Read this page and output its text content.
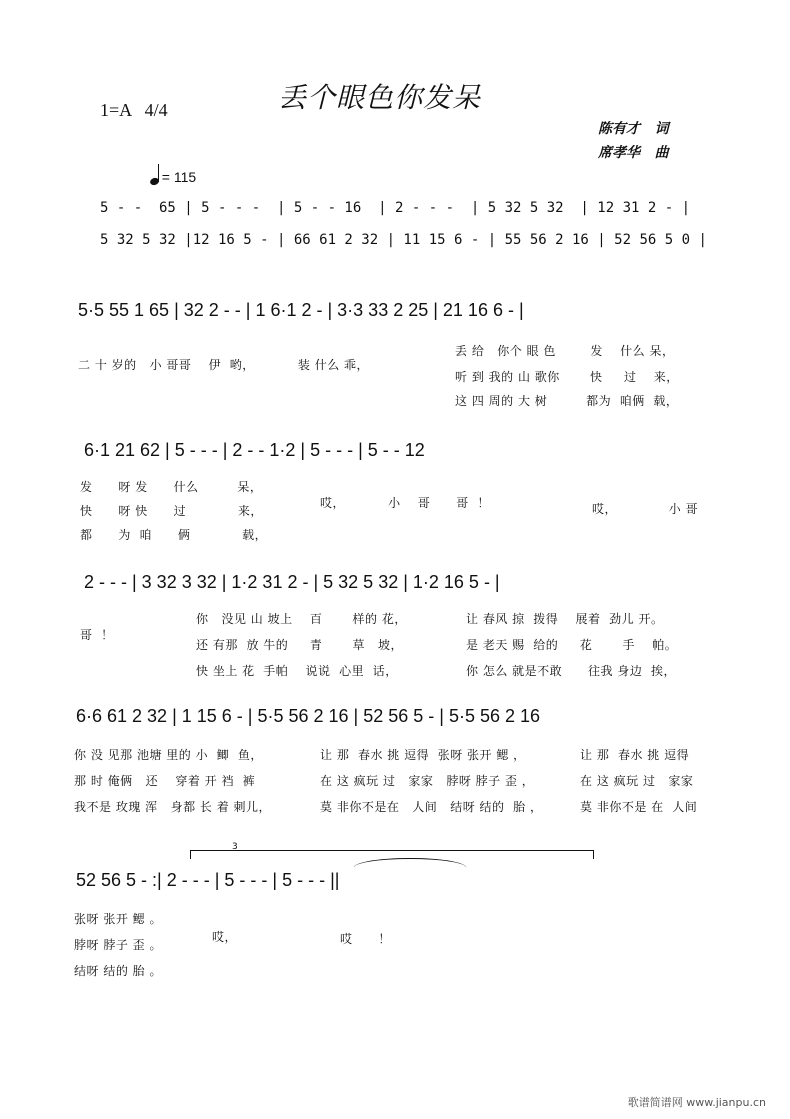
丢个眼色你发呆
1=A   4/4
陈有才   词
席孝华   曲

= 115

5 - -  65 | 5 - - -  | 5 - - 16  | 2 - - -  | 5 32 5 32  | 12 31 2 - |
5 32 5 32 |12 16 5 - | 66 61 2 32 | 11 15 6 - | 55 56 2 16 | 52 56 5 0 |
5·5 55 1 65 | 32 2 - - | 1 6·1 2 - | 3·3 33 2 25 | 21 16 6 - |
二 十 岁的   小 哥哥    伊  哟，          装 什么 乖，
丢 给   你个 眼 色        发    什么 呆，
听 到 我的 山 歌你       快     过    来，
这 四 周的 大 树         都为  咱俩  载，
6·1 21 62 | 5 - - - | 2 - - 1·2 | 5 - - - | 5 - - 12
发      呀 发      什么         呆，
快      呀 快      过            来，
都      为  咱      俩            载，
哎，          小    哥      哥  ！	哎，            小 哥
2 - - - | 3 32 3 32 | 1·2 31 2 - | 5 32 5 32 | 1·2 16 5 - |
哥  ！
你   没见 山 坡上    百       样的 花，
还 有那  放 牛的     青       草   坡，
快 坐上 花  手帕    说说  心里  话，
让 春风 掠  拨得    展着  劲儿 开。
是 老天 赐  给的     花       手    帕。
你 怎么 就是不敢      往我 身边  挨，
6·6 61 2 32 | 1 15 6 - | 5·5 56 2 16 | 52 56 5 - | 5·5 56 2 16
你 没 见那 池塘 里的 小  鲫  鱼，
那 时 俺俩   还    穿着 开 裆  裤
我不是 玫瑰 浑   身都 长 着 刺儿，
让 那  春水 挑 逗得  张呀 张开 鳃 ，
在 这 疯玩 过   家家   脖呀 脖子 歪 ，
莫 非你不是在   人间   结呀 结的  胎 ，
让 那  春水 挑 逗得
在 这 疯玩 过   家家
莫 非你不是 在  人间
3
52 56 5 - :| 2 - - - | 5 - - - | 5 - - - ||
张呀 张开 鳃 。
脖呀 脖子 歪 。
结呀 结的 胎 。
哎，	哎      ！
歌谱简谱网 www.jianpu.cn
